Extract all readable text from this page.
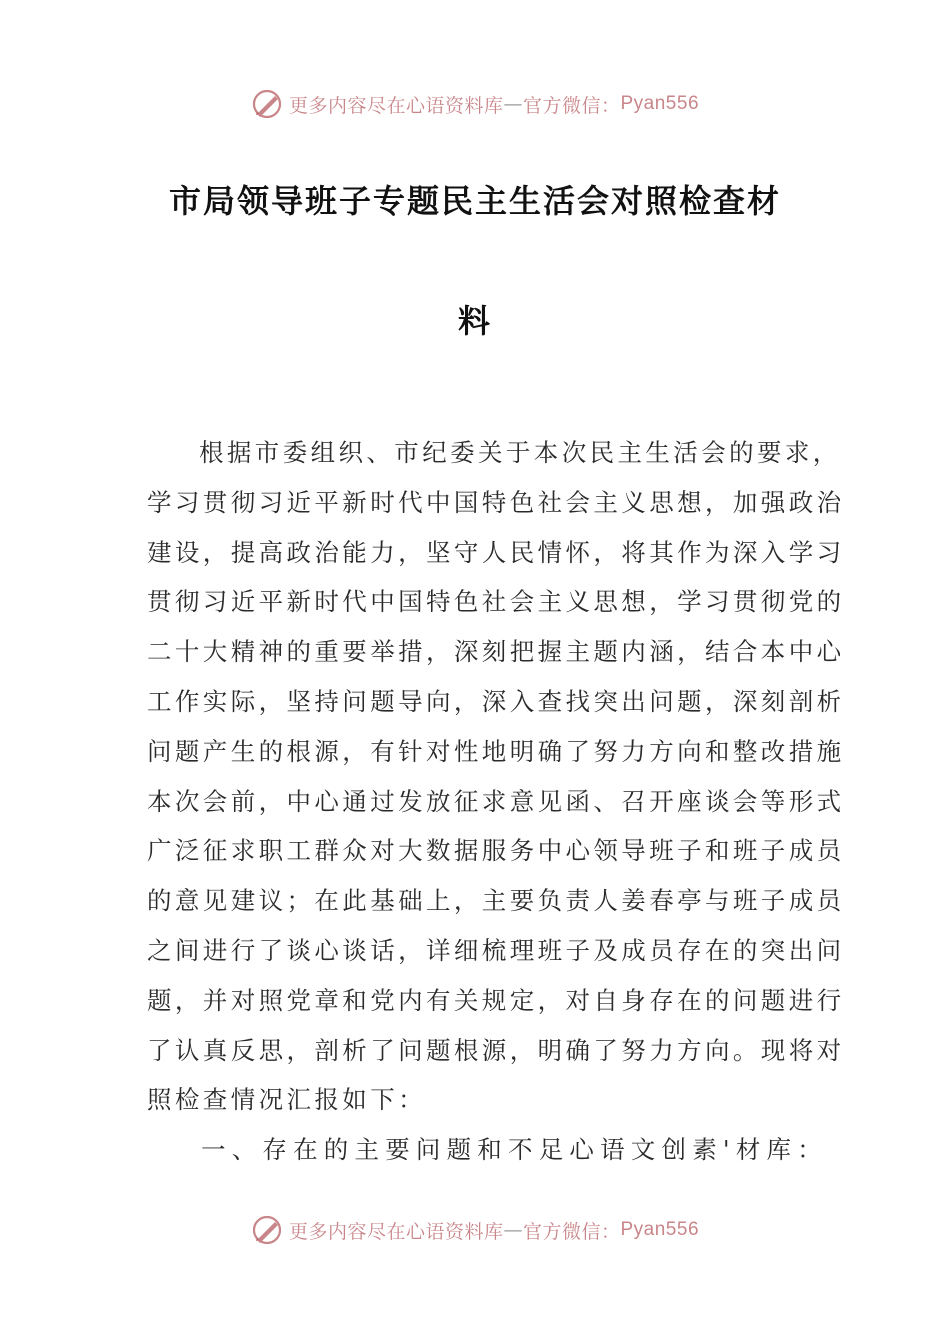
更多内容尽在心语资料库 — 官方微信： Pyan556
市局领导班子专题民主生活会对照检查材
料
根据市委组织、市纪委关于本次民主生活会的要求，
学习贯彻习近平新时代中国特色社会主义思想，加强政治
建设，提高政治能力，坚守人民情怀，将其作为深入学习
贯彻习近平新时代中国特色社会主义思想，学习贯彻党的
二十大精神的重要举措，深刻把握主题内涵，结合本中心
工作实际，坚持问题导向，深入查找突出问题，深刻剖析
问题产生的根源，有针对性地明确了努力方向和整改措施
本次会前，中心通过发放征求意见函、召开座谈会等形式
广泛征求职工群众对大数据服务中心领导班子和班子成员
的意见建议；在此基础上，主要负责人姜春亭与班子成员
之间进行了谈心谈话，详细梳理班子及成员存在的突出问
题，并对照党章和党内有关规定，对自身存在的问题进行
了认真反思，剖析了问题根源，明确了努力方向。现将对
照检查情况汇报如下：
一、存在的主要问题和不足心语文创素'材库：
更多内容尽在心语资料库 — 官方微信： Pyan556
